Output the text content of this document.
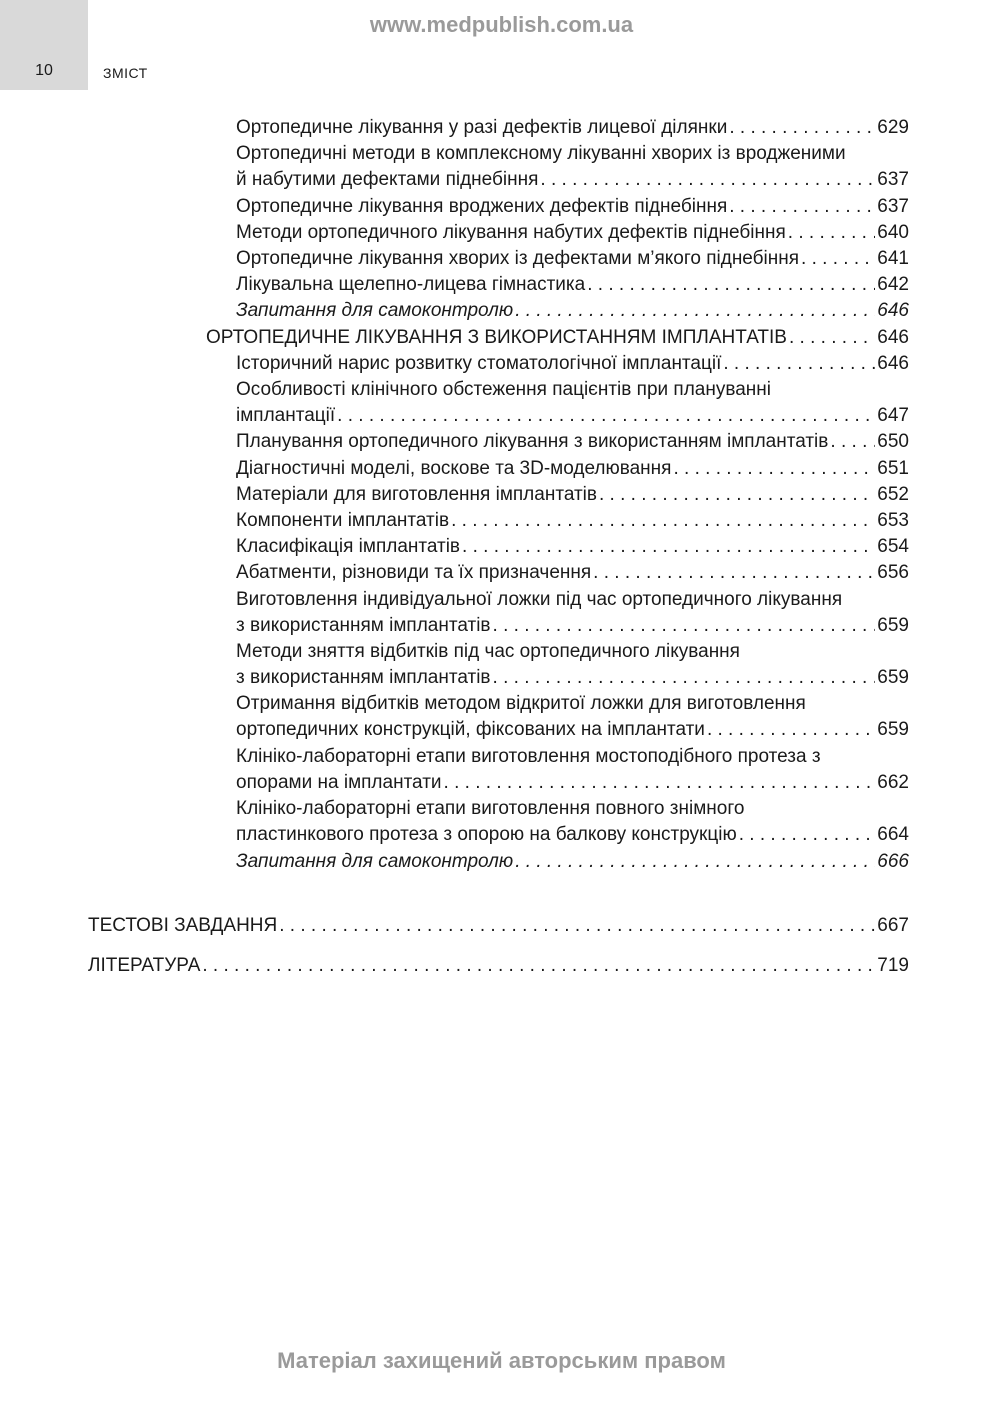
10	ЗМІСТ
www.medpublish.com.ua
Ортопедичне лікування у разі дефектів лицевої ділянки . . .	629
Ортопедичні методи в комплексному лікуванні хворих із вродженими
й набутими дефектами піднебіння . . .	637
Ортопедичне лікування вроджених дефектів піднебіння . . .	637
Методи ортопедичного лікування набутих дефектів піднебіння . . .	640
Ортопедичне лікування хворих із дефектами м’якого піднебіння . . .	641
Лікувальна щелепно-лицева гімнастика . . .	642
Запитання для самоконтролю . . .	646
ОРТОПЕДИЧНЕ ЛІКУВАННЯ З ВИКОРИСТАННЯМ ІМПЛАНТАТІВ . . .	646
Історичний нарис розвитку стоматологічної імплантації . . .	646
Особливості клінічного обстеження пацієнтів при плануванні
імплантації . . .	647
Планування ортопедичного лікування з використанням імплантатів . . .	650
Діагностичні моделі, воскове та 3D-моделювання . . .	651
Матеріали для виготовлення імплантатів . . .	652
Компоненти імплантатів . . .	653
Класифікація імплантатів . . .	654
Абатменти, різновиди та їх призначення . . .	656
Виготовлення індивідуальної ложки під час ортопедичного лікування
з використанням імплантатів . . .	659
Методи зняття відбитків під час ортопедичного лікування
з використанням імплантатів . . .	659
Отримання відбитків методом відкритої ложки для виготовлення
ортопедичних конструкцій, фіксованих на імплантати . . .	659
Клініко-лабораторні етапи виготовлення мостоподібного протеза з
опорами на імплантати . . .	662
Клініко-лабораторні етапи виготовлення повного знімного
пластинкового протеза з опорою на балкову конструкцію . . .	664
Запитання для самоконтролю . . .	666
ТЕСТОВІ ЗАВДАННЯ . . .	667
ЛІТЕРАТУРА . . .	719
Матеріал захищений авторським правом
